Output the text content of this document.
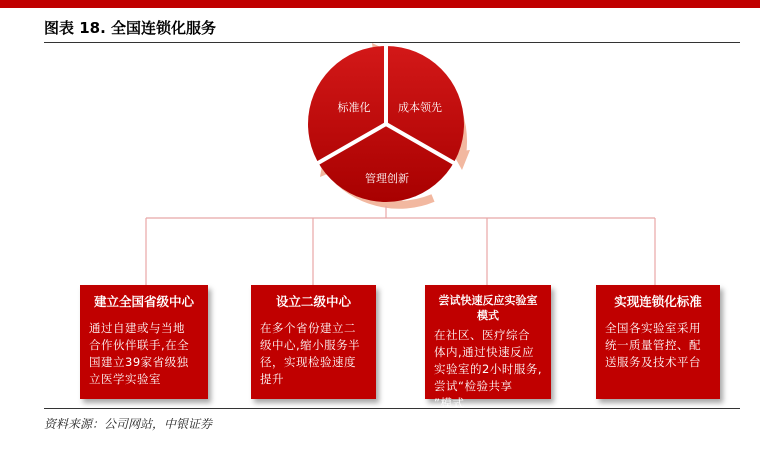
图表 18. 全国连锁化服务
标准化	成本领先
管理创新
建立全国省级中心
通过自建或与当地
合作伙伴联手,在全
国建立39家省级独
立医学实验室
设立二级中心
在多个省份建立二
级中心,缩小服务半
径，实现检验速度
提升
尝试快速反应实验室
模式
在社区、医疗综合
体内,通过快速反应
实验室的2小时服务,
尝试“检验共享
”模式
实现连锁化标准
全国各实验室采用
统一质量管控、配
送服务及技术平台
资料来源：公司网站，中银证券
